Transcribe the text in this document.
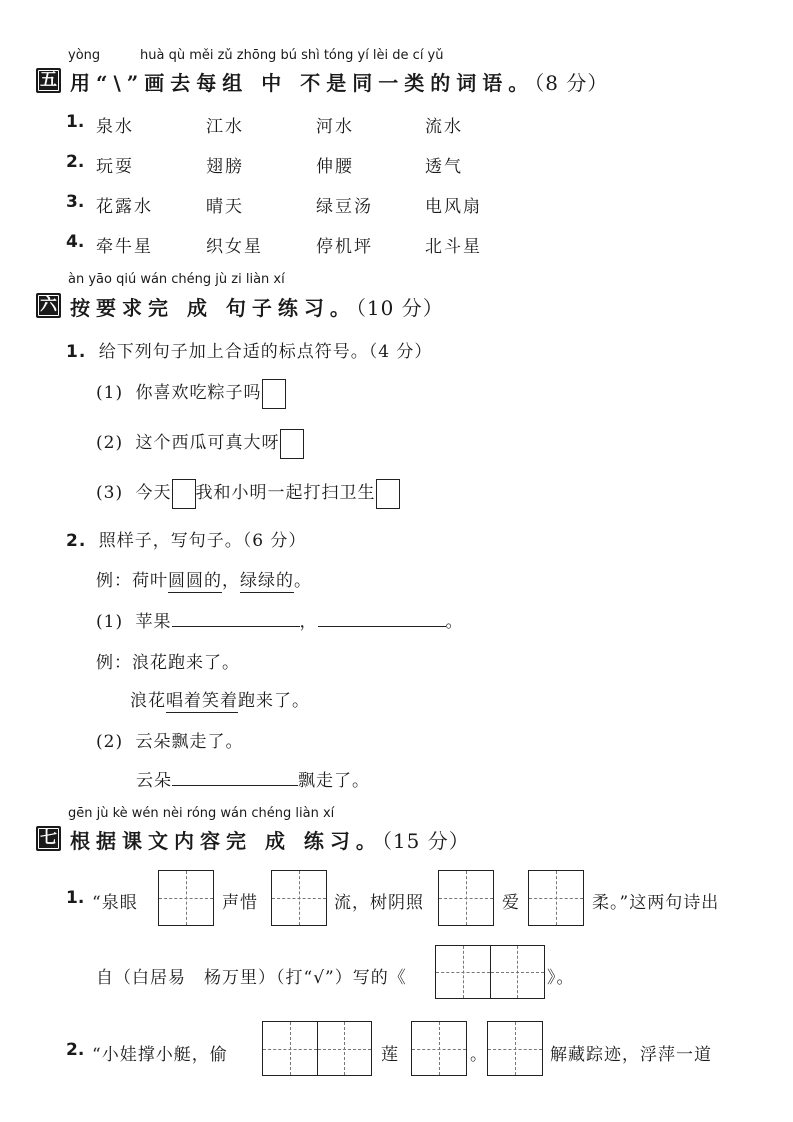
yòng	huà qù měi zǔ zhōng bú shì tóng yí lèi de cí yǔ
五 用“\”画去每组 中 不是同一类的词语。（8 分）
1. 泉水	江水	河水	流水
2. 玩耍	翅膀	伸腰	透气
3. 花露水	晴天	绿豆汤	电风扇
4. 牵牛星	织女星	停机坪	北斗星
àn yāo qiú wán chéng jù zi liàn xí
六 按要求完 成 句子练习。（10 分）
1. 给下列句子加上合适的标点符号。（4 分）
(1) 你喜欢吃粽子吗
(2) 这个西瓜可真大呀
(3) 今天 我和小明一起打扫卫生
2. 照样子，写句子。（6 分）
例：荷叶圆圆的，绿绿的。
(1) 苹果	，	。
例：浪花跑来了。
浪花唱着笑着跑来了。
(2) 云朵飘走了。
云朵	飘走了。
gēn jù kè wén nèi róng wán chéng liàn xí
七 根据课文内容完 成 练习。（15 分）
1. “泉眼	声惜	流，树阴照	爱	柔。”这两句诗出
自（白居易　杨万里）（打“√”）写的《	》。
2. “小娃撑小艇，偷	莲	。	解藏踪迹，浮萍一道
